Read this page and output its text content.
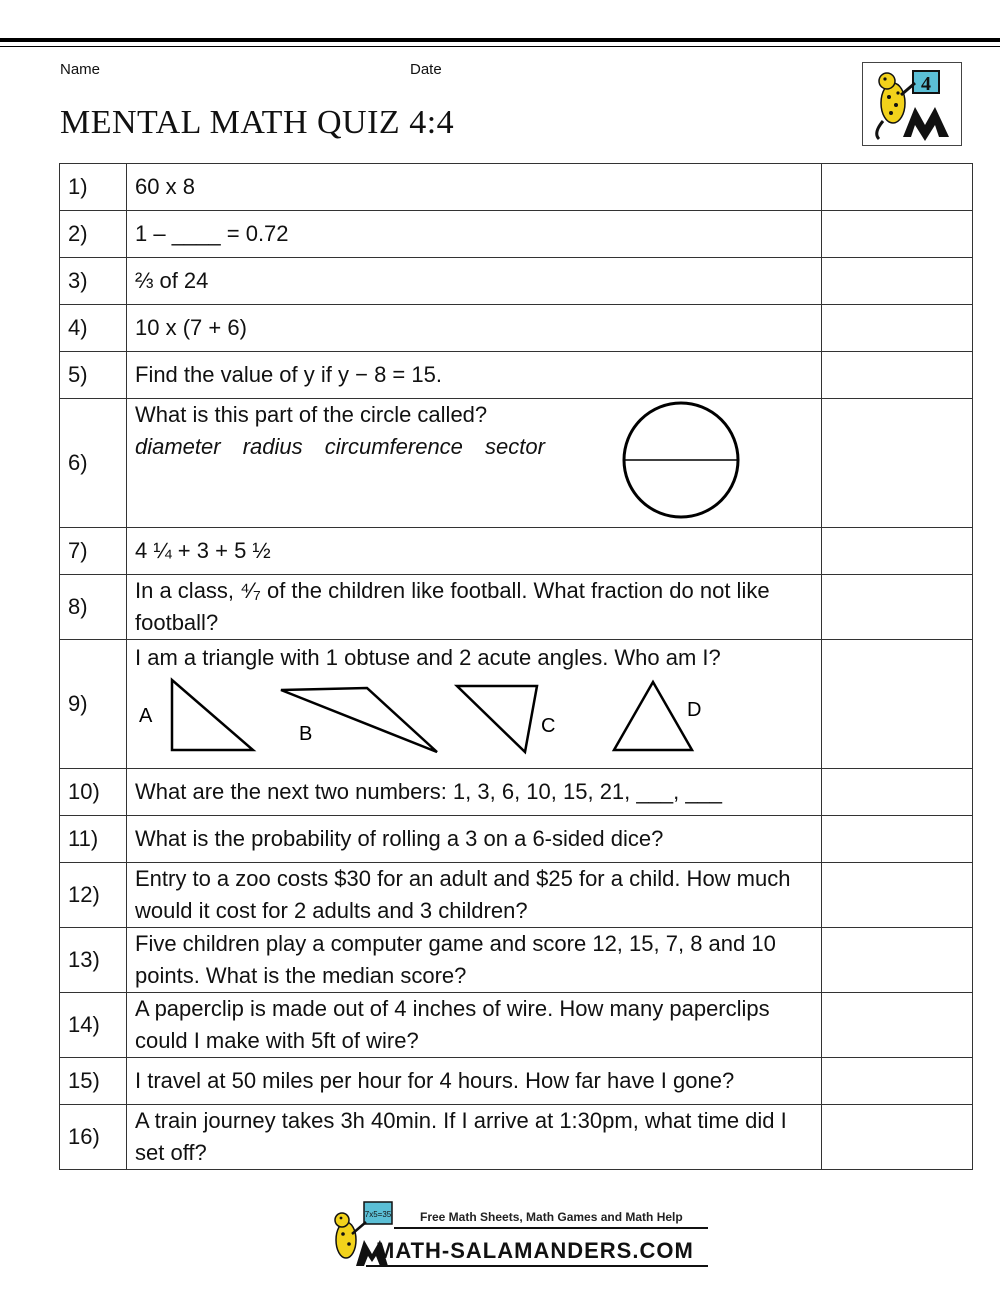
Name	Date
MENTAL MATH QUIZ 4:4
4
1)	60 x 8	
2)	1 – ____ = 0.72	
3)	⅔ of 24	
4)	10 x (7 + 6)	
5)	Find the value of y if y − 8 = 15.	
6)	What is this part of the circle called?
diameter radius circumference sector	

7)	4 ¼ + 3 + 5 ½	
8)	In a class, ⁴⁄₇ of the children like football. What fraction do not like football?	
9)	I am a triangle with 1 obtuse and 2 acute angles. Who am I?
A
B C
D	

10)	What are the next two numbers: 1, 3, 6, 10, 15, 21, ___, ___	
11)	What is the probability of rolling a 3 on a 6-sided dice?	
12)	Entry to a zoo costs $30 for an adult and $25 for a child. How much would it cost for 2 adults and 3 children?	
13)	Five children play a computer game and score 12, 15, 7, 8 and 10 points. What is the median score?	
14)	A paperclip is made out of 4 inches of wire. How many paperclips could I make with 5ft of wire?	
15)	I travel at 50 miles per hour for 4 hours. How far have I gone?	
16)	A train journey takes 3h 40min. If I arrive at 1:30pm, what time did I set off?	
7x5=35 Free Math Sheets, Math Games and Math Help
MATH-SALAMANDERS.COM
